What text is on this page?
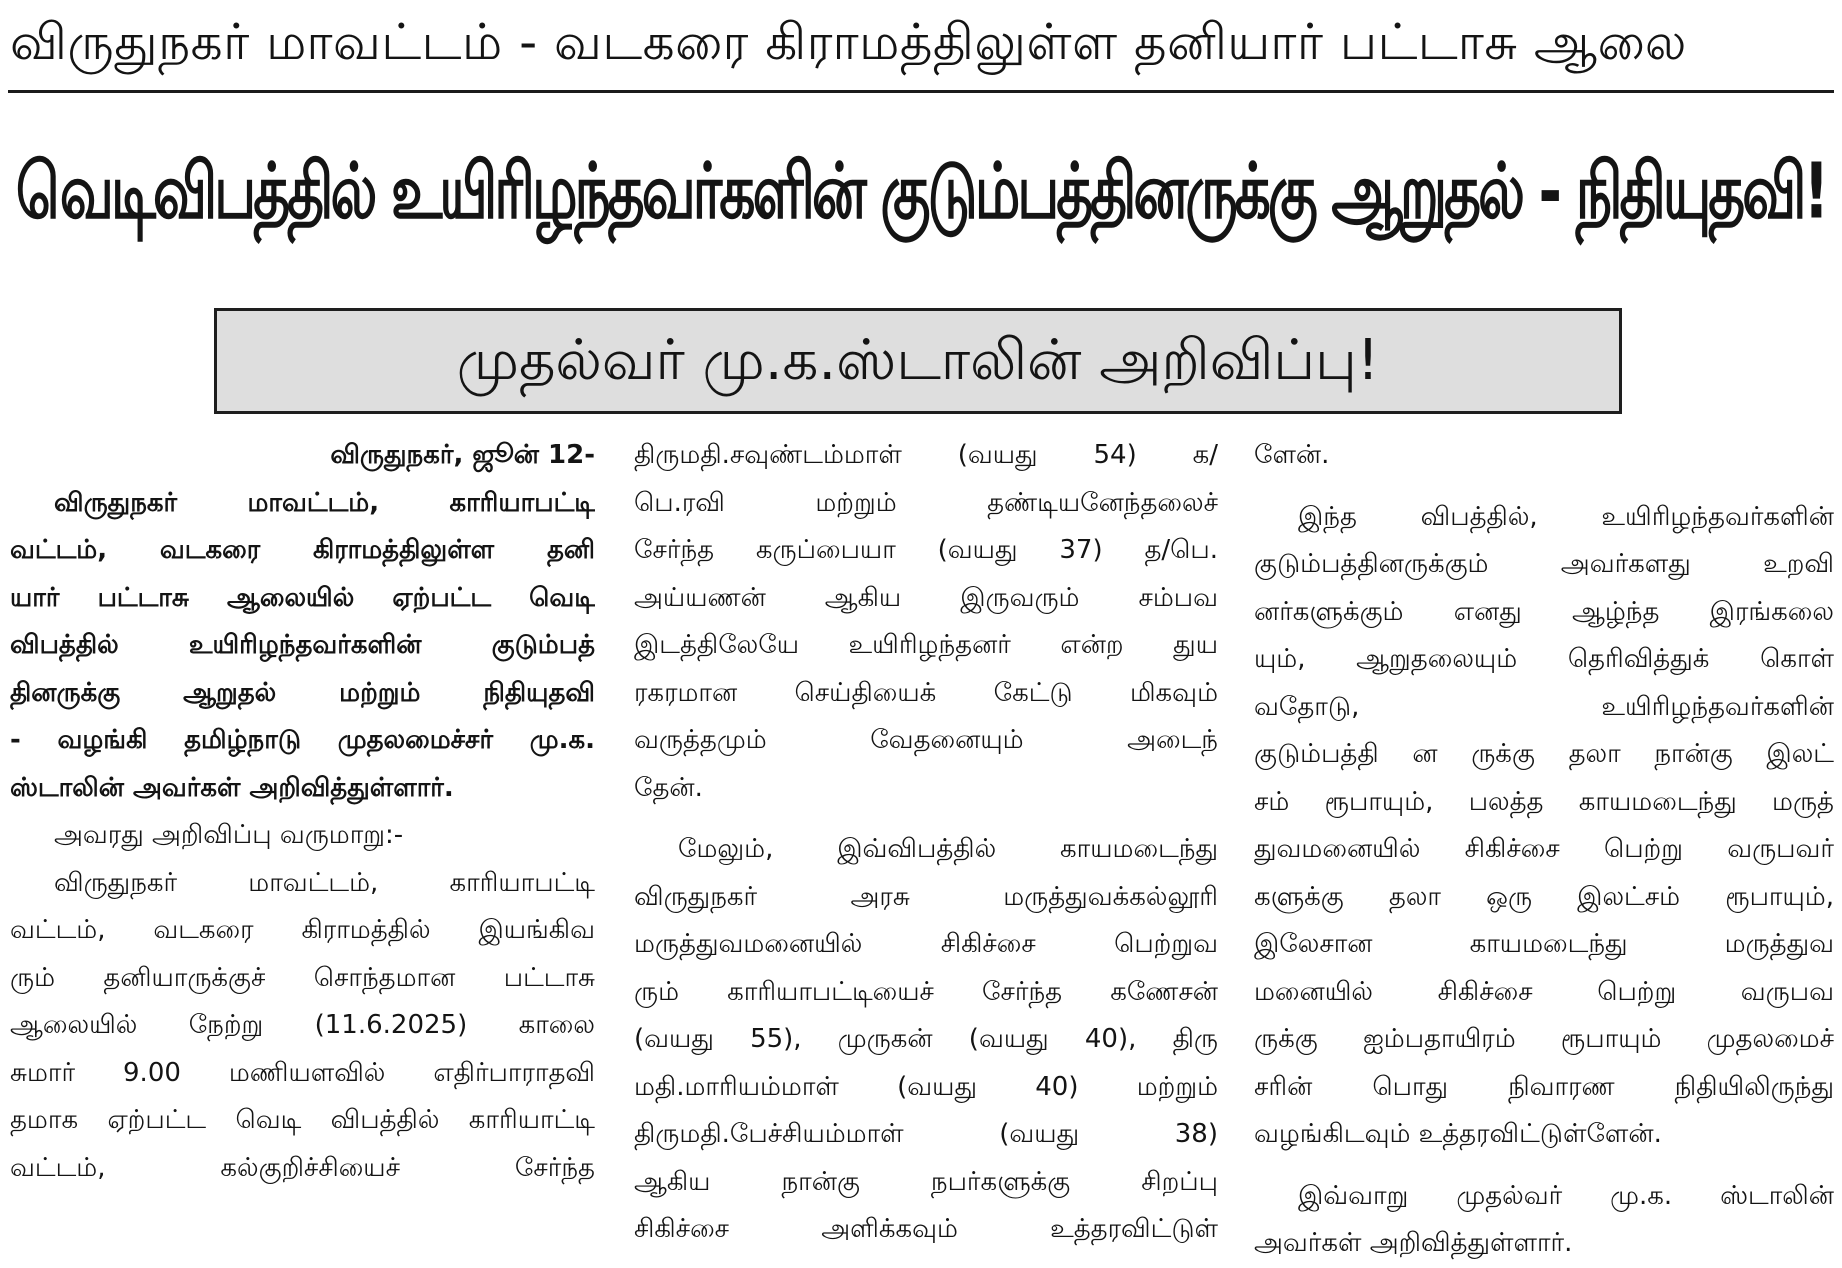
விருதுநகர் மாவட்டம் - வடகரை கிராமத்திலுள்ள தனியார் பட்டாசு ஆலை
வெடிவிபத்தில் உயிரிழந்தவர்களின் குடும்பத்தினருக்கு ஆறுதல் - நிதியுதவி!
முதல்வர் மு.க.ஸ்டாலின் அறிவிப்பு!
விருதுநகர், ஜூன் 12-
விருதுநகர் மாவட்டம், காரியாபட்டி
வட்டம், வடகரை கிராமத்திலுள்ள தனி
யார் பட்டாசு ஆலையில் ஏற்பட்ட வெடி
விபத்தில் உயிரிழந்தவர்களின் குடும்பத்
தினருக்கு ஆறுதல் மற்றும் நிதியுதவி
- வழங்கி தமிழ்நாடு முதலமைச்சர் மு.க.
ஸ்டாலின் அவர்கள் அறிவித்துள்ளார்.
அவரது அறிவிப்பு வருமாறு:-
விருதுநகர் மாவட்டம், காரியாபட்டி
வட்டம், வடகரை கிராமத்தில் இயங்கிவ
ரும் தனியாருக்குச் சொந்தமான பட்டாசு
ஆலையில் நேற்று (11.6.2025) காலை
சுமார் 9.00 மணியளவில் எதிர்பாராதவி
தமாக ஏற்பட்ட வெடி விபத்தில் காரியாட்டி
வட்டம், கல்குறிச்சியைச் சேர்ந்த
திருமதி.சவுண்டம்மாள் (வயது 54) க/
பெ.ரவி மற்றும் தண்டியனேந்தலைச்
சேர்ந்த கருப்பையா (வயது 37) த/பெ.
அய்யணன் ஆகிய இருவரும் சம்பவ
இடத்திலேயே உயிரிழந்தனர் என்ற துய
ரகரமான செய்தியைக் கேட்டு மிகவும்
வருத்தமும் வேதனையும் அடைந்
தேன்.
மேலும், இவ்விபத்தில் காயமடைந்து
விருதுநகர் அரசு மருத்துவக்கல்லூரி
மருத்துவமனையில் சிகிச்சை பெற்றுவ
ரும் காரியாபட்டியைச் சேர்ந்த கணேசன்
(வயது 55), முருகன் (வயது 40), திரு
மதி.மாரியம்மாள் (வயது 40) மற்றும்
திருமதி.பேச்சியம்மாள் (வயது 38)
ஆகிய நான்கு நபர்களுக்கு சிறப்பு
சிகிச்சை அளிக்கவும் உத்தரவிட்டுள்
ளேன்.
இந்த விபத்தில், உயிரிழந்தவர்களின்
குடும்பத்தினருக்கும் அவர்களது உறவி
னர்களுக்கும் எனது ஆழ்ந்த இரங்கலை
யும், ஆறுதலையும் தெரிவித்துக் கொள்
வதோடு, உயிரிழந்தவர்களின்
குடும்பத்தி ன ருக்கு தலா நான்கு இலட்
சம் ரூபாயும், பலத்த காயமடைந்து மருத்
துவமனையில் சிகிச்சை பெற்று வருபவர்
களுக்கு தலா ஒரு இலட்சம் ரூபாயும்,
இலேசான காயமடைந்து மருத்துவ
மனையில் சிகிச்சை பெற்று வருபவ
ருக்கு ஐம்பதாயிரம் ரூபாயும் முதலமைச்
சரின் பொது நிவாரண நிதியிலிருந்து
வழங்கிடவும் உத்தரவிட்டுள்ளேன்.
இவ்வாறு முதல்வர் மு.க. ஸ்டாலின்
அவர்கள் அறிவித்துள்ளார்.
